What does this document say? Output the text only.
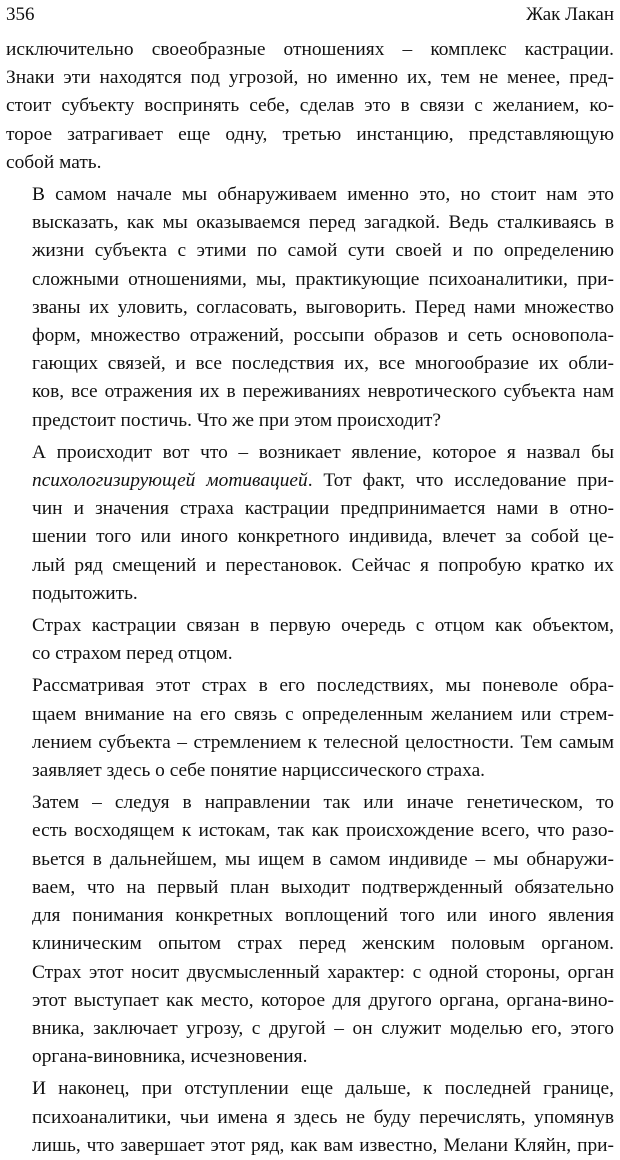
356	Жак Лакан

исключительно своеобразные отношениях – комплекс кастрации.
Знаки эти находятся под угрозой, но именно их, тем не менее, пред-
стоит субъекту воспринять себе, сделав это в связи с желанием, ко-
торое затрагивает еще одну, третью инстанцию, представляющую
собой мать.

В самом начале мы обнаруживаем именно это, но стоит нам это
высказать, как мы оказываемся перед загадкой. Ведь сталкиваясь в
жизни субъекта с этими по самой сути своей и по определению
сложными отношениями, мы, практикующие психоаналитики, при-
званы их уловить, согласовать, выговорить. Перед нами множество
форм, множество отражений, россыпи образов и сеть основопола-
гающих связей, и все последствия их, все многообразие их обли-
ков, все отражения их в переживаниях невротического субъекта нам
предстоит постичь. Что же при этом происходит?

А происходит вот что – возникает явление, которое я назвал бы
психологизирующей мотивацией. Тот факт, что исследование при-
чин и значения страха кастрации предпринимается нами в отно-
шении того или иного конкретного индивида, влечет за собой це-
лый ряд смещений и перестановок. Сейчас я попробую кратко их
подытожить.

Страх кастрации связан в первую очередь с отцом как объектом,
со страхом перед отцом.

Рассматривая этот страх в его последствиях, мы поневоле обра-
щаем внимание на его связь с определенным желанием или стрем-
лением субъекта – стремлением к телесной целостности. Тем самым
заявляет здесь о себе понятие нарциссического страха.

Затем – следуя в направлении так или иначе генетическом, то
есть восходящем к истокам, так как происхождение всего, что разо-
вьется в дальнейшем, мы ищем в самом индивиде – мы обнаружи-
ваем, что на первый план выходит подтвержденный обязательно
для понимания конкретных воплощений того или иного явления
клиническим опытом страх перед женским половым органом.
Страх этот носит двусмысленный характер: с одной стороны, орган
этот выступает как место, которое для другого органа, органа-вино-
вника, заключает угрозу, с другой – он служит моделью его, этого
органа-виновника, исчезновения.

И наконец, при отступлении еще дальше, к последней границе,
психоаналитики, чьи имена я здесь не буду перечислять, упомянув
лишь, что завершает этот ряд, как вам известно, Мелани Кляйн, при-
